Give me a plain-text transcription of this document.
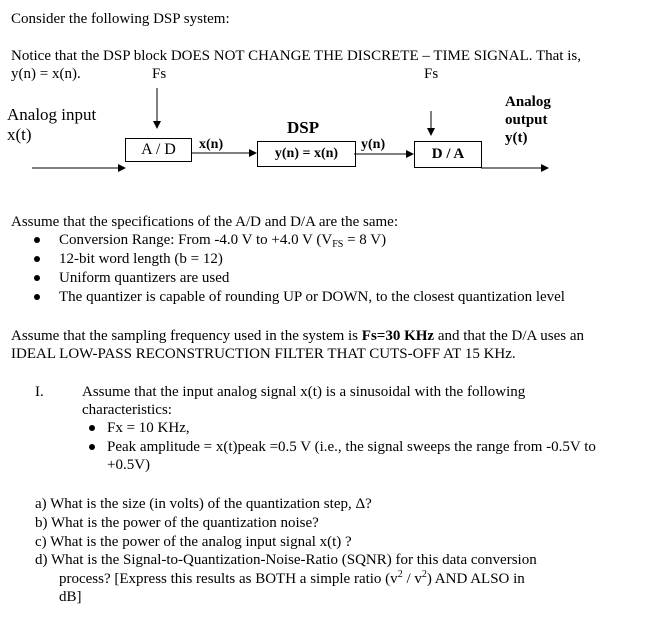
Consider the following DSP system:
Notice that the DSP block DOES NOT CHANGE THE DISCRETE – TIME SIGNAL. That is,
y(n) = x(n).	Fs	Fs
Analog input
x(t)
A / D	x(n)
DSP
y(n) = x(n)
y(n)
D / A
Analog
output
y(t)
Assume that the specifications of the A/D and D/A are the same:
Conversion Range: From -4.0 V to +4.0 V ($V_{FS} = 8$ V)
12-bit word length (b = 12)
Uniform quantizers are used
The quantizer is capable of rounding UP or DOWN, to the closest quantization level
Assume that the sampling frequency used in the system is Fs=30 KHz and that the D/A uses an
IDEAL LOW-PASS RECONSTRUCTION FILTER THAT CUTS-OFF AT 15 KHz.
I.	Assume that the input analog signal x(t) is a sinusoidal with the following
characteristics:
Fx = 10 KHz,
Peak amplitude = x(t)peak =0.5 V (i.e., the signal sweeps the range from -0.5V to
+0.5V)
a) What is the size (in volts) of the quantization step, Δ?
b) What is the power of the quantization noise?
c) What is the power of the analog input signal x(t) ?
d) What is the Signal-to-Quantization-Noise-Ratio (SQNR) for this data conversion
process? [Express this results as BOTH a simple ratio $(v^2 / v^2)$ AND ALSO in
dB]
